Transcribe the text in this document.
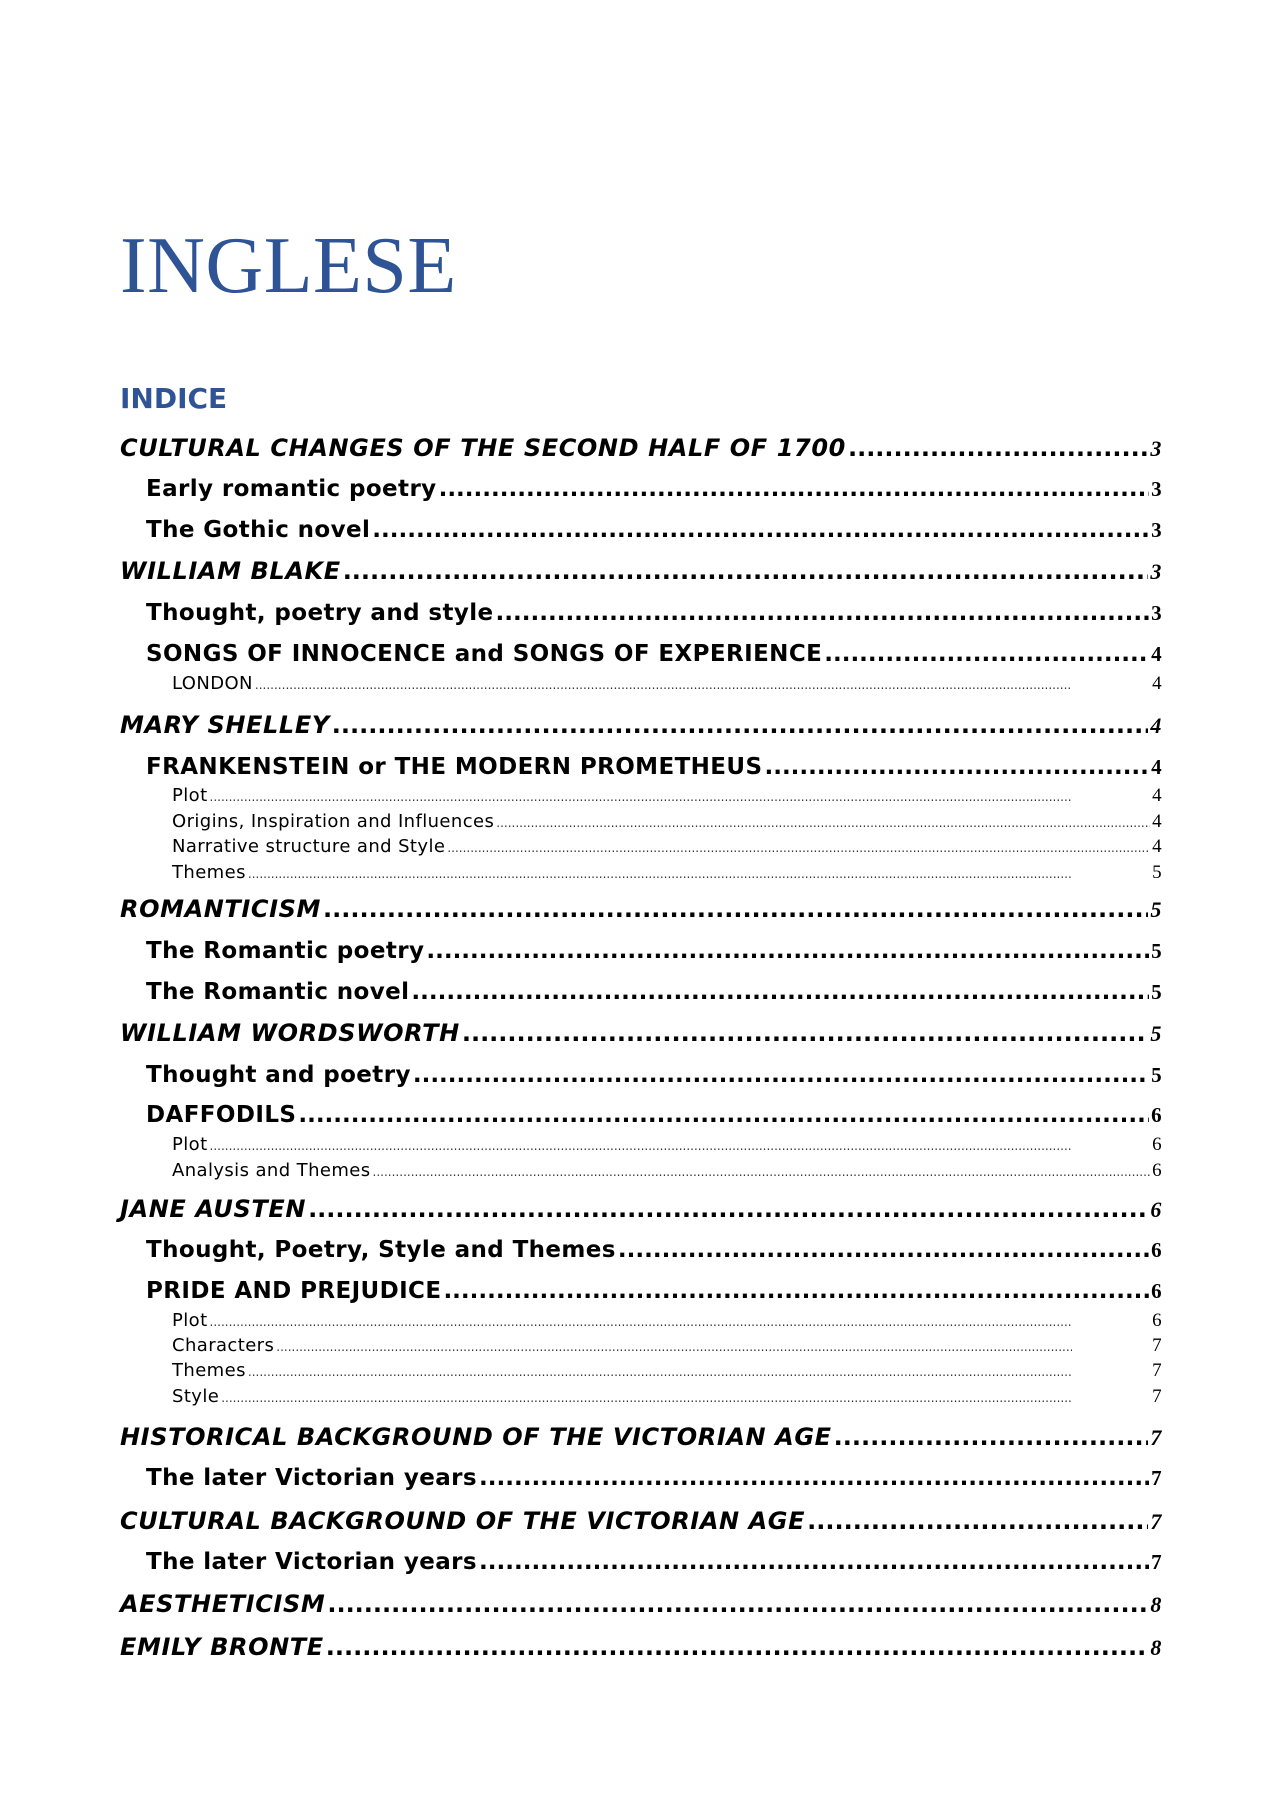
INGLESE
INDICE
CULTURAL CHANGES OF THE SECOND HALF OF 1700 .....	3
Early romantic poetry .....	3
The Gothic novel .....	3
WILLIAM BLAKE .....	3
Thought, poetry and style .....	3
SONGS OF INNOCENCE and SONGS OF EXPERIENCE .....	4
LONDON .....	4
MARY SHELLEY .....	4
FRANKENSTEIN or THE MODERN PROMETHEUS .....	4
Plot .....	4
Origins, Inspiration and Influences .....	4
Narrative structure and Style .....	4
Themes .....	5
ROMANTICISM .....	5
The Romantic poetry .....	5
The Romantic novel .....	5
WILLIAM WORDSWORTH .....	5
Thought and poetry .....	5
DAFFODILS .....	6
Plot .....	6
Analysis and Themes .....	6
JANE AUSTEN .....	6
Thought, Poetry, Style and Themes .....	6
PRIDE AND PREJUDICE .....	6
Plot .....	6
Characters .....	7
Themes .....	7
Style .....	7
HISTORICAL BACKGROUND OF THE VICTORIAN AGE .....	7
The later Victorian years .....	7
CULTURAL BACKGROUND OF THE VICTORIAN AGE .....	7
The later Victorian years .....	7
AESTHETICISM .....	8
EMILY BRONTE .....	8
